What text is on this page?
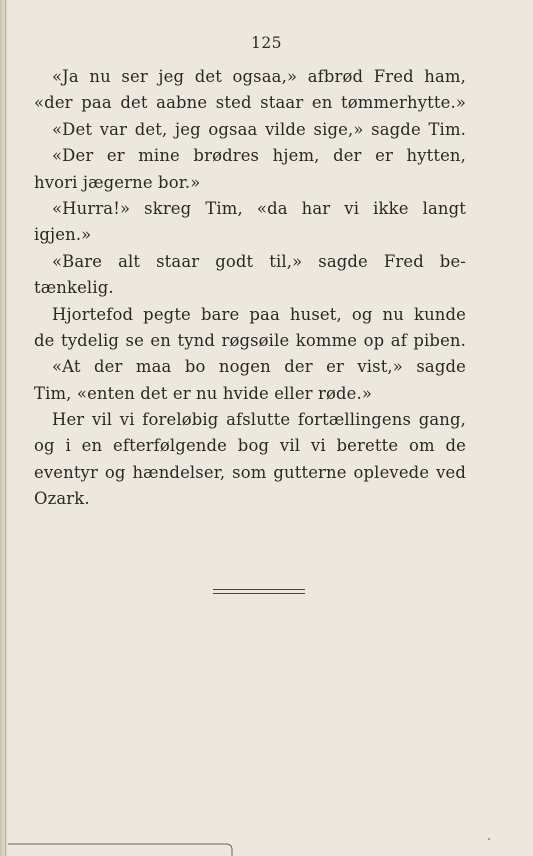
125
«Ja nu ser jeg det ogsaa,» afbrød Fred ham,
«der paa det aabne sted staar en tømmerhytte.»
«Det var det, jeg ogsaa vilde sige,» sagde Tim.
«Der er mine brødres hjem, der er hytten,
hvori jægerne bor.»
«Hurra!» skreg Tim, «da har vi ikke langt
igjen.»
«Bare alt staar godt til,» sagde Fred be-
tænkelig.
Hjortefod pegte bare paa huset, og nu kunde
de tydelig se en tynd røgsøile komme op af piben.
«At der maa bo nogen der er vist,» sagde
Tim, «enten det er nu hvide eller røde.»
Her vil vi foreløbig afslutte fortællingens gang,
og i en efterfølgende bog vil vi berette om de
eventyr og hændelser, som gutterne oplevede ved
Ozark.
